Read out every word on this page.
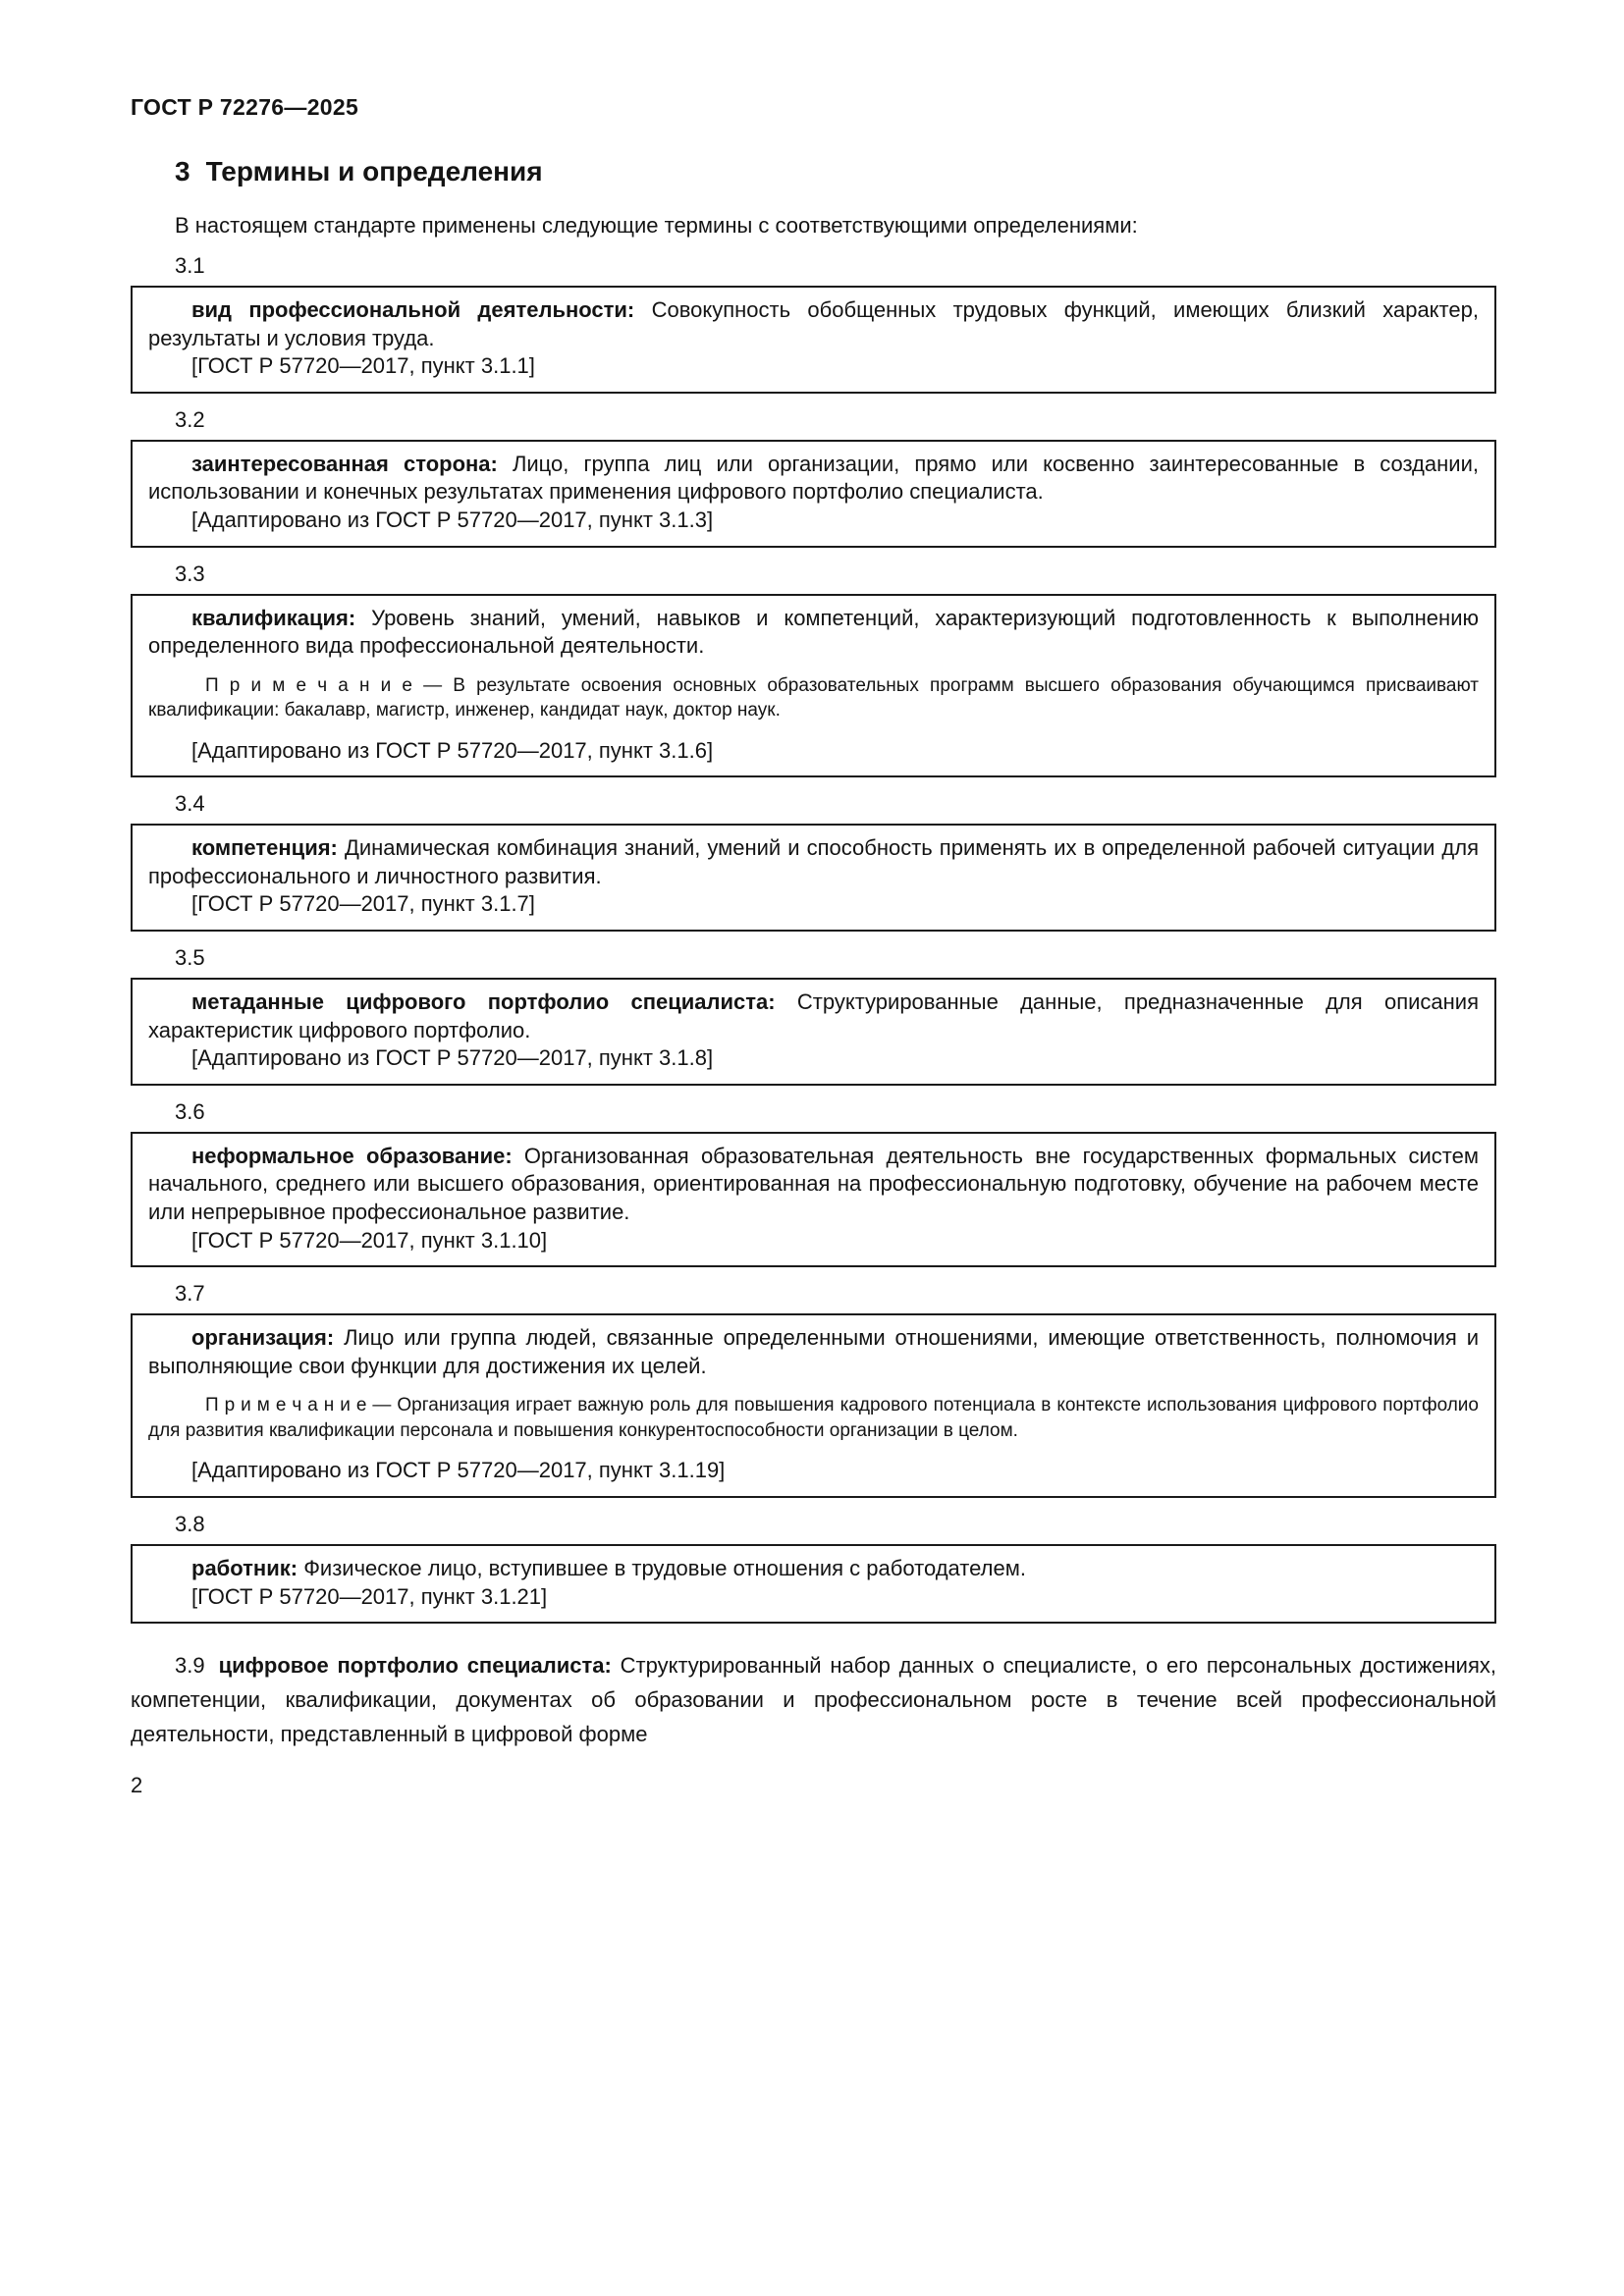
ГОСТ Р 72276—2025
3 Термины и определения

В настоящем стандарте применены следующие термины с соответствующими определениями:

3.1

вид профессиональной деятельности: Совокупность обобщенных трудовых функций, имеющих близкий характер, результаты и условия труда.

[ГОСТ Р 57720—2017, пункт 3.1.1]

3.2

заинтересованная сторона: Лицо, группа лиц или организации, прямо или косвенно заинтересованные в создании, использовании и конечных результатах применения цифрового портфолио специалиста.

[Адаптировано из ГОСТ Р 57720—2017, пункт 3.1.3]

3.3

квалификация: Уровень знаний, умений, навыков и компетенций, характеризующий подготовленность к выполнению определенного вида профессиональной деятельности.

П р и м е ч а н и е — В результате освоения основных образовательных программ высшего образования обучающимся присваивают квалификации: бакалавр, магистр, инженер, кандидат наук, доктор наук.

[Адаптировано из ГОСТ Р 57720—2017, пункт 3.1.6]

3.4

компетенция: Динамическая комбинация знаний, умений и способность применять их в определенной рабочей ситуации для профессионального и личностного развития.

[ГОСТ Р 57720—2017, пункт 3.1.7]

3.5

метаданные цифрового портфолио специалиста: Структурированные данные, предназначенные для описания характеристик цифрового портфолио.

[Адаптировано из ГОСТ Р 57720—2017, пункт 3.1.8]

3.6

неформальное образование: Организованная образовательная деятельность вне государственных формальных систем начального, среднего или высшего образования, ориентированная на профессиональную подготовку, обучение на рабочем месте или непрерывное профессиональное развитие.

[ГОСТ Р 57720—2017, пункт 3.1.10]

3.7

организация: Лицо или группа людей, связанные определенными отношениями, имеющие ответственность, полномочия и выполняющие свои функции для достижения их целей.

П р и м е ч а н и е — Организация играет важную роль для повышения кадрового потенциала в контексте использования цифрового портфолио для развития квалификации персонала и повышения конкурентоспособности организации в целом.

[Адаптировано из ГОСТ Р 57720—2017, пункт 3.1.19]

3.8

работник: Физическое лицо, вступившее в трудовые отношения с работодателем.

[ГОСТ Р 57720—2017, пункт 3.1.21]

3.9 цифровое портфолио специалиста: Структурированный набор данных о специалисте, о его персональных достижениях, компетенции, квалификации, документах об образовании и профессиональном росте в течение всей профессиональной деятельности, представленный в цифровой форме

2
